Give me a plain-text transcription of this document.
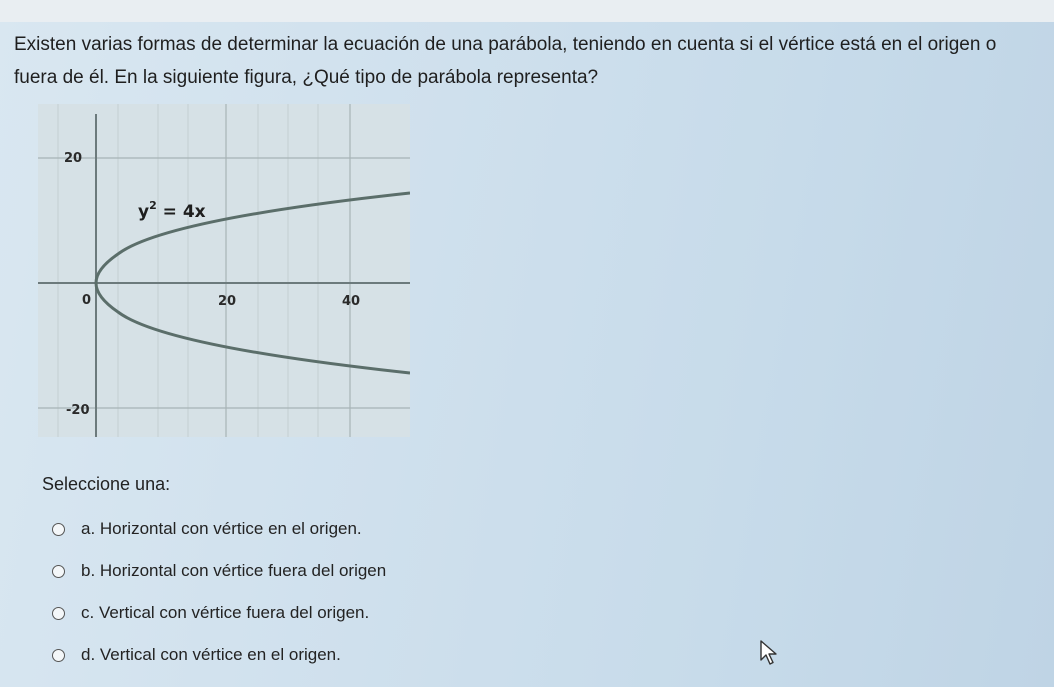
Existen varias formas de determinar la ecuación de una parábola, teniendo en cuenta si el vértice está en el origen o fuera de él. En la siguiente figura, ¿Qué tipo de parábola representa?

$y^2 = 4x$
20
-20
0	20	40
Seleccione una:
a. Horizontal con vértice en el origen.
b. Horizontal con vértice fuera del origen
c. Vertical con vértice fuera del origen.
d. Vertical con vértice en el origen.
